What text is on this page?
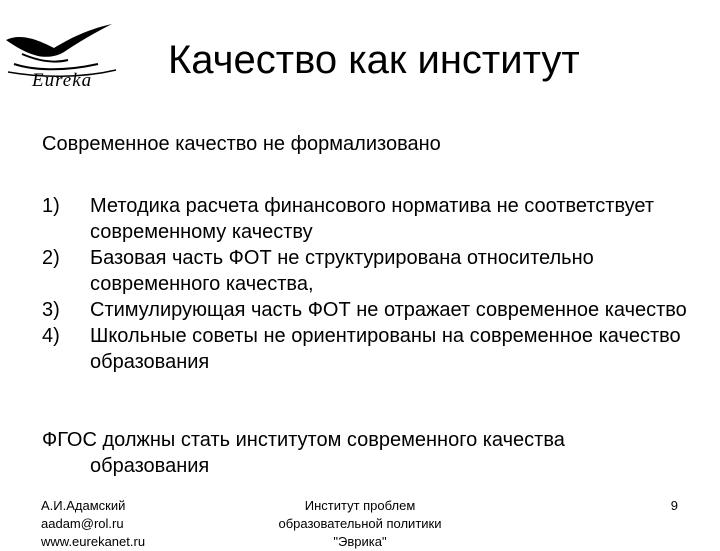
Eureka Качество как институт
Современное качество не формализовано
1)	Методика расчета финансового норматива не соответствует современному качеству
2)	Базовая часть ФОТ не структурирована относительно современного качества,
3)	Стимулирующая часть ФОТ не отражает современное качество
4)	Школьные советы не ориентированы на современное качество образования
ФГОС должны стать институтом современного качества
образования
А.И.Адамский
aadam@rol.ru
www.eurekanet.ru
Институт проблем
образовательной политики
"Эврика"
9
